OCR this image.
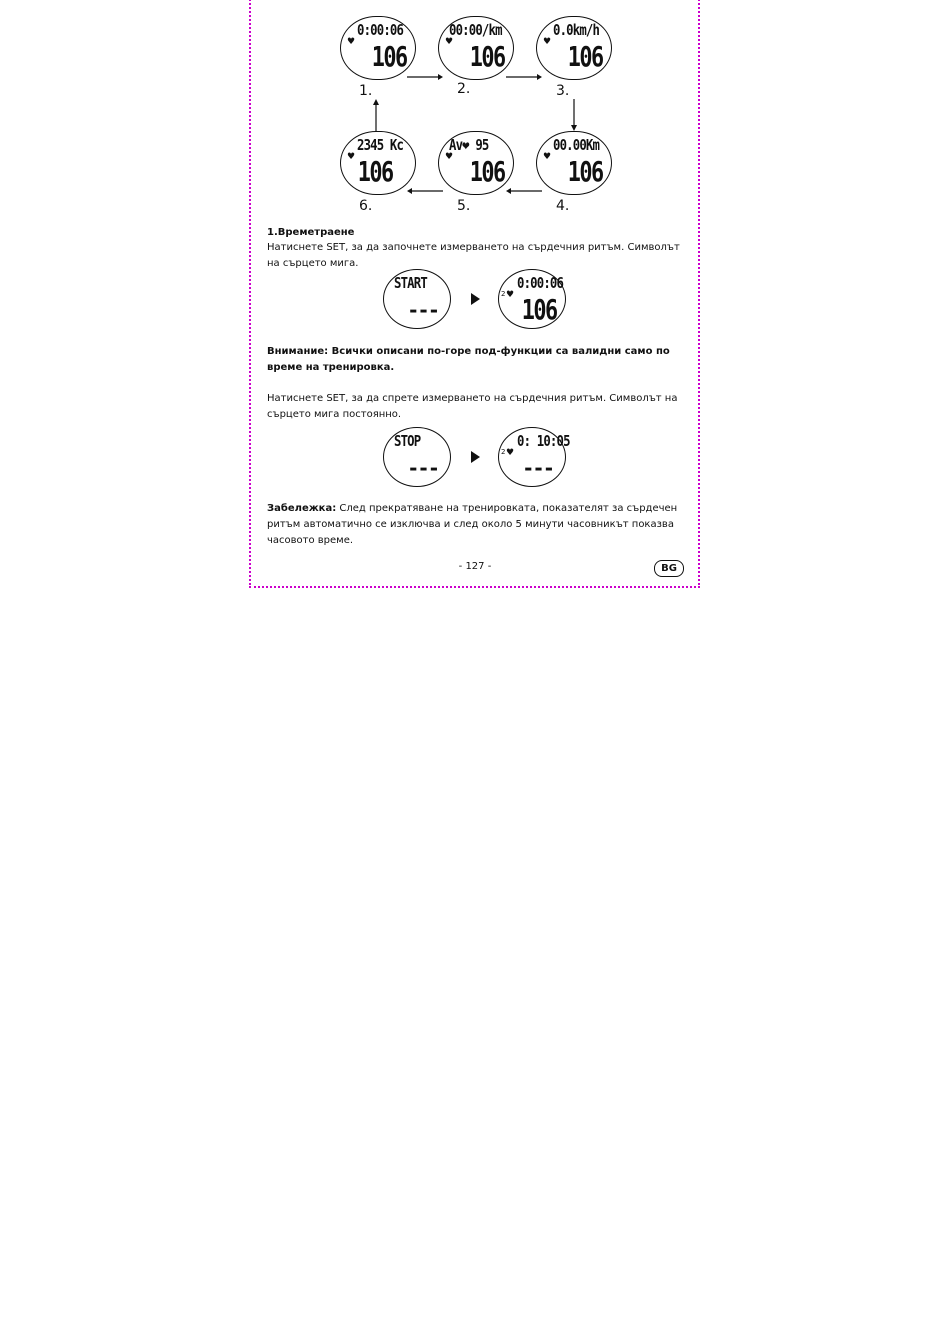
♥
0:00:06
106	♥
00:00/km
106	♥
0.0km/h
106
1.	2.	3.
♥
2345 Kc
106	♥
Av❤ 95
106	♥
00.00Km
106
6.	5.	4.
1.Времетраене
Натиснете SET, за да започнете измерването на сърдечния ритъм. Символът на сърцето мига.
START
---
2 ♥
0:00:06
106
Внимание: Всички описани по-горе под-функции са валидни само по време на тренировка.
Натиснете SET, за да спрете измерването на сърдечния ритъм. Символът на сърцето мига постоянно.
STOP
---
2 ♥
0: 10:05
---
Забележка: След прекратяване на тренировката, показателят за сърдечен ритъм автоматично се изключва и след около 5 минути часовникът показва часовото време.
- 127 -	BG
